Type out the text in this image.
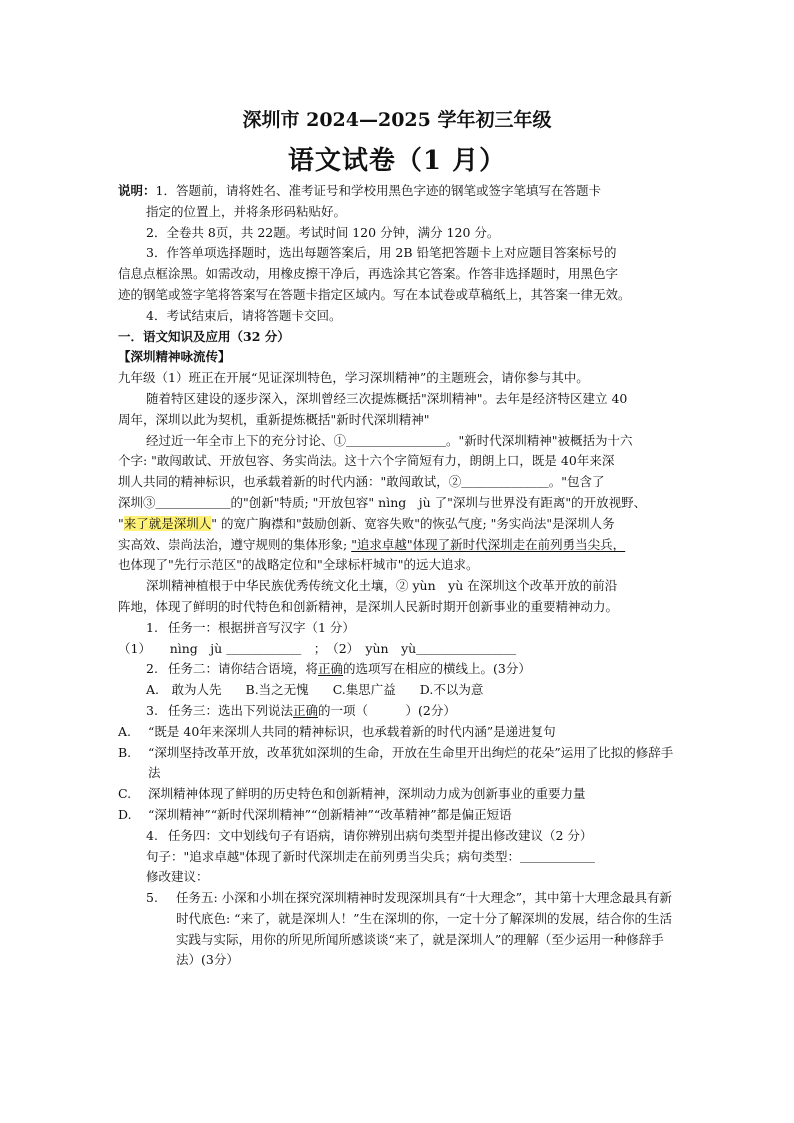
深圳市 2024—2025 学年初三年级
语文试卷（1 月）

说明：1．答题前，请将姓名、准考证号和学校用黑色字迹的钢笔或签字笔填写在答题卡

指定的位置上，并将条形码粘贴好。

2．全卷共 8页，共 22题。考试时间 120 分钟，满分 120 分。

3．作答单项选择题时，选出每题答案后，用 2B 铅笔把答题卡上对应题目答案标号的

信息点框涂黑。如需改动，用橡皮擦干净后，再选涂其它答案。作答非选择题时，用黑色字

迹的钢笔或签字笔将答案写在答题卡指定区域内。写在本试卷或草稿纸上，其答案一律无效。

4．考试结束后，请将答题卡交回。

一．语文知识及应用（32 分）

【深圳精神咏流传】

九年级（1）班正在开展“见证深圳特色，学习深圳精神”的主题班会，请你参与其中。

随着特区建设的逐步深入，深圳曾经三次提炼概括"深圳精神"。去年是经济特区建立 40

周年，深圳以此为契机，重新提炼概括"新时代深圳精神"

经过近一年全市上下的充分讨论、①＿＿＿＿＿＿＿＿。"新时代深圳精神"被概括为十六

个字: "敢闯敢试、开放包容、务实尚法。这十六个字简短有力，朗朗上口，既是 40年来深

圳人共同的精神标识，也承载着新的时代内涵："敢闯敢试，②＿＿＿＿＿＿＿。"包含了

深圳③＿＿＿＿＿＿的"创新"特质; "开放包容" nìng　jù 了"深圳与世界没有距离"的开放视野、

"来了就是深圳人" 的宽广胸襟和"鼓励创新、宽容失败"的恢弘气度; "务实尚法"是深圳人务

实高效、崇尚法治，遵守规则的集体形象; "追求卓越"体现了新时代深圳走在前列勇当尖兵，

也体现了"先行示范区"的战略定位和"全球标杆城市"的远大追求。

深圳精神植根于中华民族优秀传统文化土壤，② yùn　yù 在深圳这个改革开放的前沿

阵地，体现了鲜明的时代特色和创新精神，是深圳人民新时期开创新事业的重要精神动力。

1. 任务一：根据拼音写汉字（1 分）

（1）　　nìng　jù ＿＿＿＿＿＿　；　（2）　yùn　yù＿＿＿＿＿＿＿＿

2. 任务二：请你结合语境，将正确的选项写在相应的横线上。(3分）

A.　敢为人先 B.当之无愧 C.集思广益 D.不以为意

3. 任务三：选出下列说法正确的一项（　　　）(2分）

A.	“既是 40年来深圳人共同的精神标识，也承载着新的时代内涵”是递进复句
B.	“深圳坚持改革开放，改革犹如深圳的生命，开放在生命里开出绚烂的花朵”运用了比拟的修辞手法
C.	深圳精神体现了鲜明的历史特色和创新精神，深圳动力成为创新事业的重要力量
D.	“深圳精神”“新时代深圳精神”“创新精神”“改革精神”都是偏正短语

4. 任务四：文中划线句子有语病，请你辨别出病句类型并提出修改建议（2 分）

句子："追求卓越"体现了新时代深圳走在前列勇当尖兵；病句类型：＿＿＿＿＿＿

修改建议：

5.	任务五: 小深和小圳在探究深圳精神时发现深圳具有“十大理念”，其中第十大理念最具有新时代底色: “来了，就是深圳人！”生在深圳的你，一定十分了解深圳的发展，结合你的生活实践与实际，用你的所见所闻所感谈谈“来了，就是深圳人”的理解（至少运用一种修辞手法）(3分）
